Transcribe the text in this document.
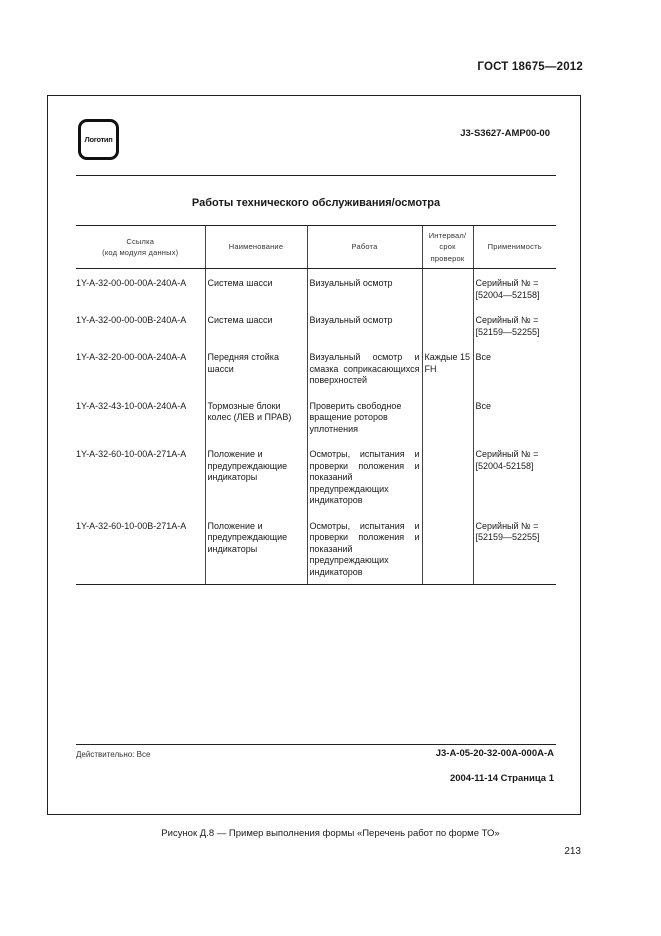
ГОСТ 18675—2012
Логотип
J3-S3627-AMP00-00
Работы технического обслуживания/осмотра
Ссылка
(код модуля данных)	Наименование	Работа	Интервал/
срок
проверок	Применимость
1Y-A-32-00-00-00A-240A-A	Система шасси	Визуальный осмотр		Серийный № = [52004—52158]
1Y-A-32-00-00-00B-240A-A	Система шасси	Визуальный осмотр		Серийный № = [52159—52255]
1Y-A-32-20-00-00A-240A-A	Передняя стойка шасси	Визуальный осмотр и смазка соприкасающихся поверхностей	Каждые 15 FH	Все
1Y-A-32-43-10-00A-240A-A	Тормозные блоки колес (ЛЕВ и ПРАВ)	Проверить свободное вращение роторов уплотнения		Все
1Y-A-32-60-10-00A-271A-A	Положение и предупреждающие индикаторы	Осмотры, испытания и проверки положения и показаний предупреждающих индикаторов		Серийный № = [52004-52158]
1Y-A-32-60-10-00B-271A-A	Положение и предупреждающие индикаторы	Осмотры, испытания и проверки положения и показаний предупреждающих индикаторов		Серийный № = [52159—52255]
Действительно: Все	J3-A-05-20-32-00A-000A-A
2004-11-14 Страница 1
Рисунок Д.8 — Пример выполнения формы «Перечень работ по форме ТО»
213
